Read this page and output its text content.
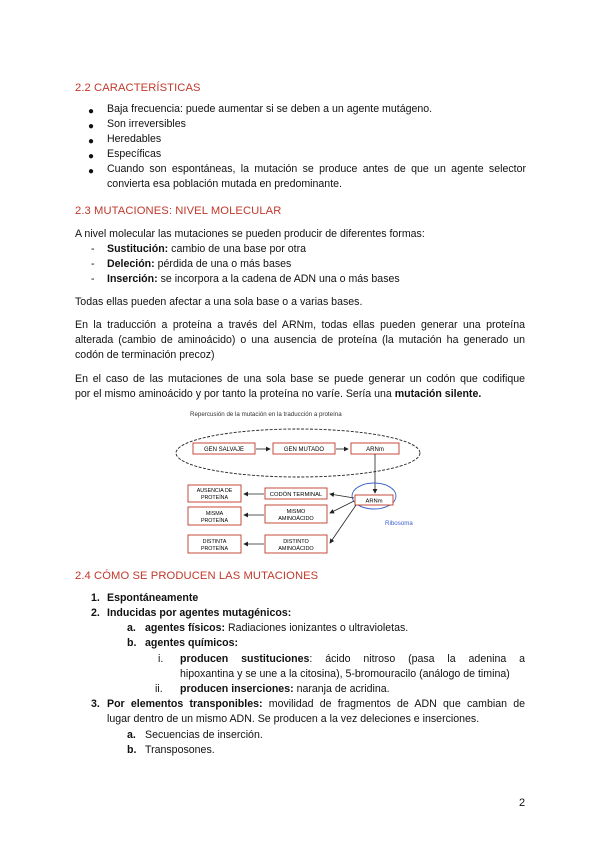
2.2 CARACTERÍSTICAS
● Baja frecuencia: puede aumentar si se deben a un agente mutágeno.
● Son irreversibles
● Heredables
● Específicas
● Cuando son espontáneas, la mutación se produce antes de que un agente selector
convierta esa población mutada en predominante.
2.3 MUTACIONES: NIVEL MOLECULAR
A nivel molecular las mutaciones se pueden producir de diferentes formas:
- Sustitución: cambio de una base por otra
- Deleción: pérdida de una o más bases
- Inserción: se incorpora a la cadena de ADN una o más bases
Todas ellas pueden afectar a una sola base o a varias bases.
En la traducción a proteína a través del ARNm, todas ellas pueden generar una proteína
alterada (cambio de aminoácido) o una ausencia de proteína (la mutación ha generado un
codón de terminación precoz)
En el caso de las mutaciones de una sola base se puede generar un codón que codifique
por el mismo aminoácido y por tanto la proteína no varíe. Sería una mutación silente.
Repercusión de la mutación en la traducción a proteína
GEN SALVAJE	GEN MUTADO	ARNm
ARNm
Ribosoma
CODÓN TERMINAL
MISMO
AMINOÁCIDO
DISTINTO
AMINOÁCIDO
AUSENCIA DE
PROTEÍNA
MISMA
PROTEÍNA
DISTINTA
PROTEÍNA
2.4 CÓMO SE PRODUCEN LAS MUTACIONES
1. Espontáneamente
2. Inducidas por agentes mutagénicos:
a. agentes físicos: Radiaciones ionizantes o ultravioletas.
b. agentes químicos:
i. producen sustituciones: ácido nitroso (pasa la adenina a
hipoxantina y se une a la citosina), 5-bromouracilo (análogo de timina)
ii. producen inserciones: naranja de acridina.
3. Por elementos transponibles: movilidad de fragmentos de ADN que cambian de
lugar dentro de un mismo ADN. Se producen a la vez deleciones e inserciones.
a. Secuencias de inserción.
b. Transposones.
2
